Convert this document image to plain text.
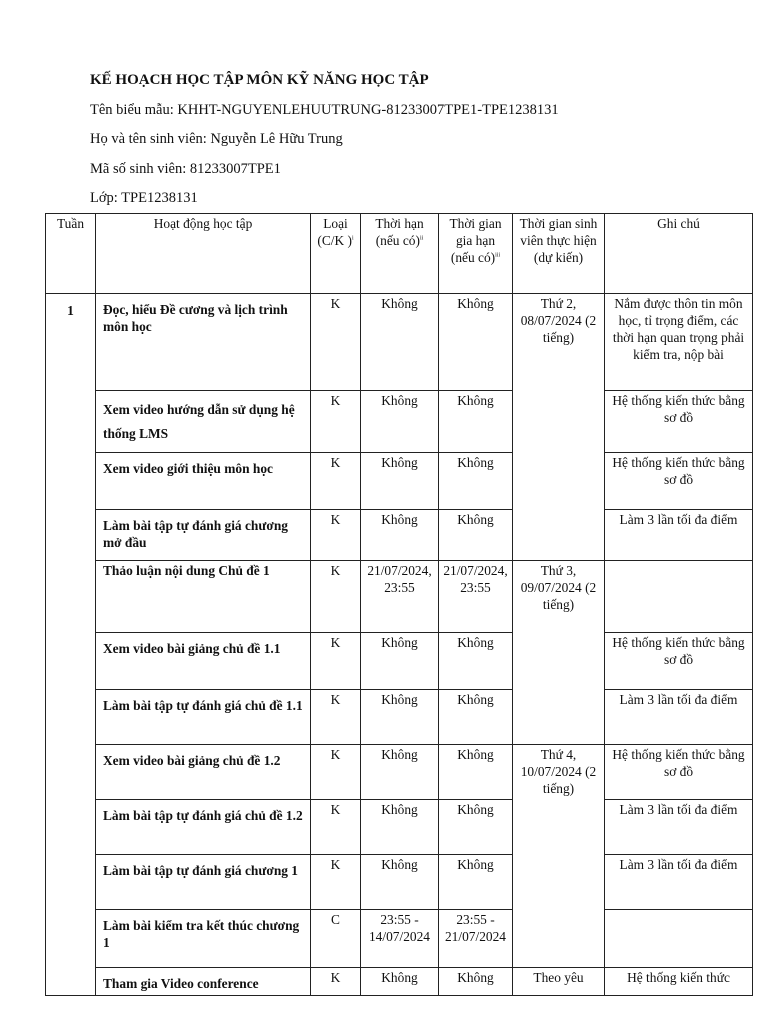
KẾ HOẠCH HỌC TẬP MÔN KỸ NĂNG HỌC TẬP
Tên biểu mẫu: KHHT-NGUYENLEHUUTRUNG-81233007TPE1-TPE1238131
Họ và tên sinh viên: Nguyễn Lê Hữu Trung
Mã số sinh viên: 81233007TPE1
Lớp: TPE1238131
Tuần	Hoạt động học tập	Loại (C/K )$^i$	Thời hạn (nếu có)$^{ii}$	Thời gian gia hạn (nếu có)$^{iii}$	Thời gian sinh viên thực hiện (dự kiến)	Ghi chú
1	Đọc, hiểu Đề cương và lịch trình môn học	K	Không	Không	Thứ 2, 08/07/2024 (2 tiếng)	Nắm được thôn tin môn học, tỉ trọng điểm, các thời hạn quan trọng phải kiểm tra, nộp bài
	Xem video hướng dẫn sử dụng hệ thống LMS	K	Không	Không		Hệ thống kiến thức bằng sơ đồ
	Xem video giới thiệu môn học	K	Không	Không		Hệ thống kiến thức bằng sơ đồ
	Làm bài tập tự đánh giá chương mở đầu	K	Không	Không		Làm 3 lần tối đa điểm
	Thảo luận nội dung Chủ đề 1	K	21/07/2024, 23:55	21/07/2024, 23:55	Thứ 3, 09/07/2024 (2 tiếng)	
	Xem video bài giảng chủ đề 1.1	K	Không	Không		Hệ thống kiến thức bằng sơ đồ
	Làm bài tập tự đánh giá chủ đề 1.1	K	Không	Không		Làm 3 lần tối đa điểm
	Xem video bài giảng chủ đề 1.2	K	Không	Không	Thứ 4, 10/07/2024 (2 tiếng)	Hệ thống kiến thức bằng sơ đồ
	Làm bài tập tự đánh giá chủ đề 1.2	K	Không	Không		Làm 3 lần tối đa điểm
	Làm bài tập tự đánh giá chương 1	K	Không	Không		Làm 3 lần tối đa điểm
	Làm bài kiểm tra kết thúc chương 1	C	23:55 - 14/07/2024	23:55 - 21/07/2024		
	Tham gia Video conference	K	Không	Không	Theo yêu	Hệ thống kiến thức
